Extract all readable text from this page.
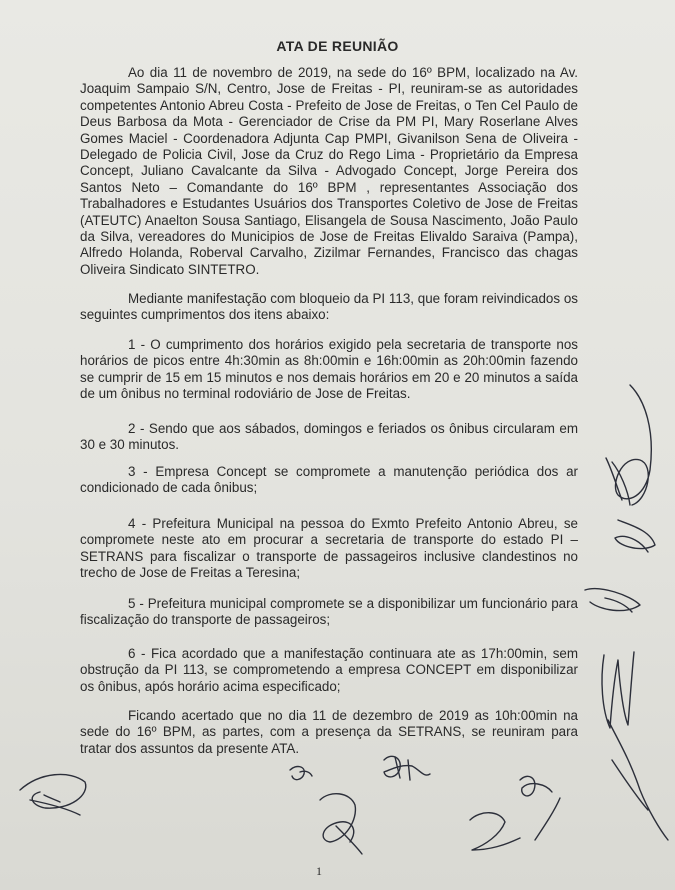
ATA DE REUNIÃO
Ao dia 11 de novembro de 2019, na sede do 16º BPM, localizado na Av. Joaquim Sampaio S/N, Centro, Jose de Freitas - PI, reuniram-se as autoridades competentes Antonio Abreu Costa - Prefeito de Jose de Freitas, o Ten Cel Paulo de Deus Barbosa da Mota - Gerenciador de Crise da PM PI, Mary Roserlane Alves Gomes Maciel - Coordenadora Adjunta Cap PMPI, Givanilson Sena de Oliveira - Delegado de Policia Civil, Jose da Cruz do Rego Lima - Proprietário da Empresa Concept, Juliano Cavalcante da Silva - Advogado Concept, Jorge Pereira dos Santos Neto – Comandante do 16º BPM , representantes Associação dos Trabalhadores e Estudantes Usuários dos Transportes Coletivo de Jose de Freitas (ATEUTC) Anaelton Sousa Santiago, Elisangela de Sousa Nascimento, João Paulo da Silva, vereadores do Municipios de Jose de Freitas Elivaldo Saraiva (Pampa), Alfredo Holanda, Roberval Carvalho, Zizilmar Fernandes, Francisco das chagas Oliveira Sindicato SINTETRO.
Mediante manifestação com bloqueio da PI 113, que foram reivindicados os seguintes cumprimentos dos itens abaixo:
1 - O cumprimento dos horários exigido pela secretaria de transporte nos horários de picos entre 4h:30min as 8h:00min e 16h:00min as 20h:00min fazendo se cumprir de 15 em 15 minutos e nos demais horários em 20 e 20 minutos a saída de um ônibus no terminal rodoviário de Jose de Freitas.
2 - Sendo que aos sábados, domingos e feriados os ônibus circularam em 30 e 30 minutos.
3 - Empresa Concept se compromete a manutenção periódica dos ar condicionado de cada ônibus;
4 - Prefeitura Municipal na pessoa do Exmto Prefeito Antonio Abreu, se compromete neste ato em procurar a secretaria de transporte do estado PI – SETRANS para fiscalizar o transporte de passageiros inclusive clandestinos no trecho de Jose de Freitas a Teresina;
5 - Prefeitura municipal compromete se a disponibilizar um funcionário para fiscalização do transporte de passageiros;
6 - Fica acordado que a manifestação continuara ate as 17h:00min, sem obstrução da PI 113, se comprometendo a empresa CONCEPT em disponibilizar os ônibus, após horário acima especificado;
Ficando acertado que no dia 11 de dezembro de 2019 as 10h:00min na sede do 16º BPM, as partes, com a presença da SETRANS, se reuniram para tratar dos assuntos da presente ATA.
1
